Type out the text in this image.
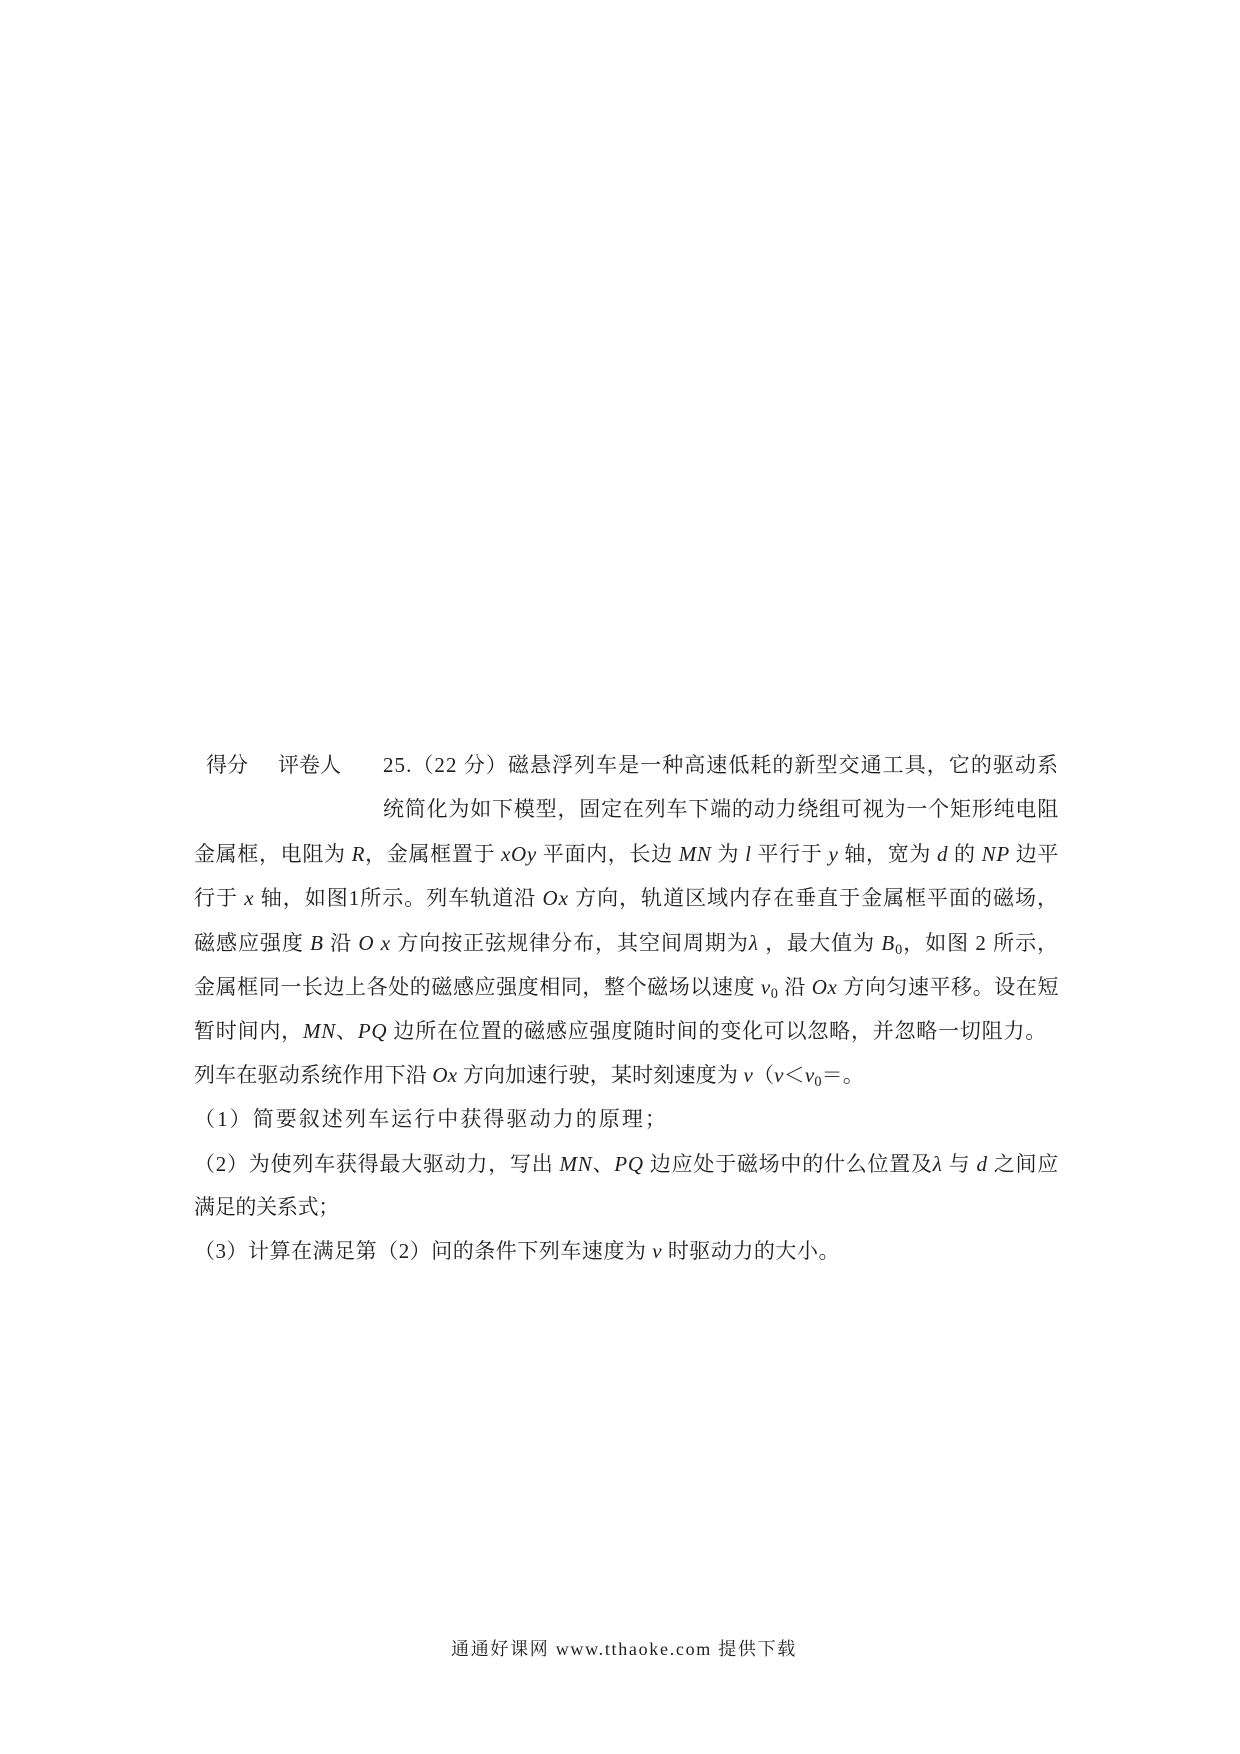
得分 评卷人 25.（22 分）磁悬浮列车是一种高速低耗的新型交通工具，它的驱动系
统简化为如下模型，固定在列车下端的动力绕组可视为一个矩形纯电阻
金属框，电阻为 R，金属框置于 xOy 平面内，长边 MN 为 l 平行于 y 轴，宽为 d 的 NP 边平
行于 x 轴，如图1所示。列车轨道沿 Ox 方向，轨道区域内存在垂直于金属框平面的磁场，
磁感应强度 B 沿 O x 方向按正弦规律分布，其空间周期为λ ，最大值为 $B_0$，如图 2 所示，
金属框同一长边上各处的磁感应强度相同，整个磁场以速度 $v_0$ 沿 Ox 方向匀速平移。设在短
暂时间内，MN、PQ 边所在位置的磁感应强度随时间的变化可以忽略，并忽略一切阻力。
列车在驱动系统作用下沿 Ox 方向加速行驶，某时刻速度为 $v(v<v_0=$。
（1）简要叙述列车运行中获得驱动力的原理；
（2）为使列车获得最大驱动力，写出 MN、PQ 边应处于磁场中的什么位置及λ 与 d 之间应
满足的关系式；
（3）计算在满足第（2）问的条件下列车速度为 v 时驱动力的大小。
通通好课网 www.tthaoke.com 提供下载
